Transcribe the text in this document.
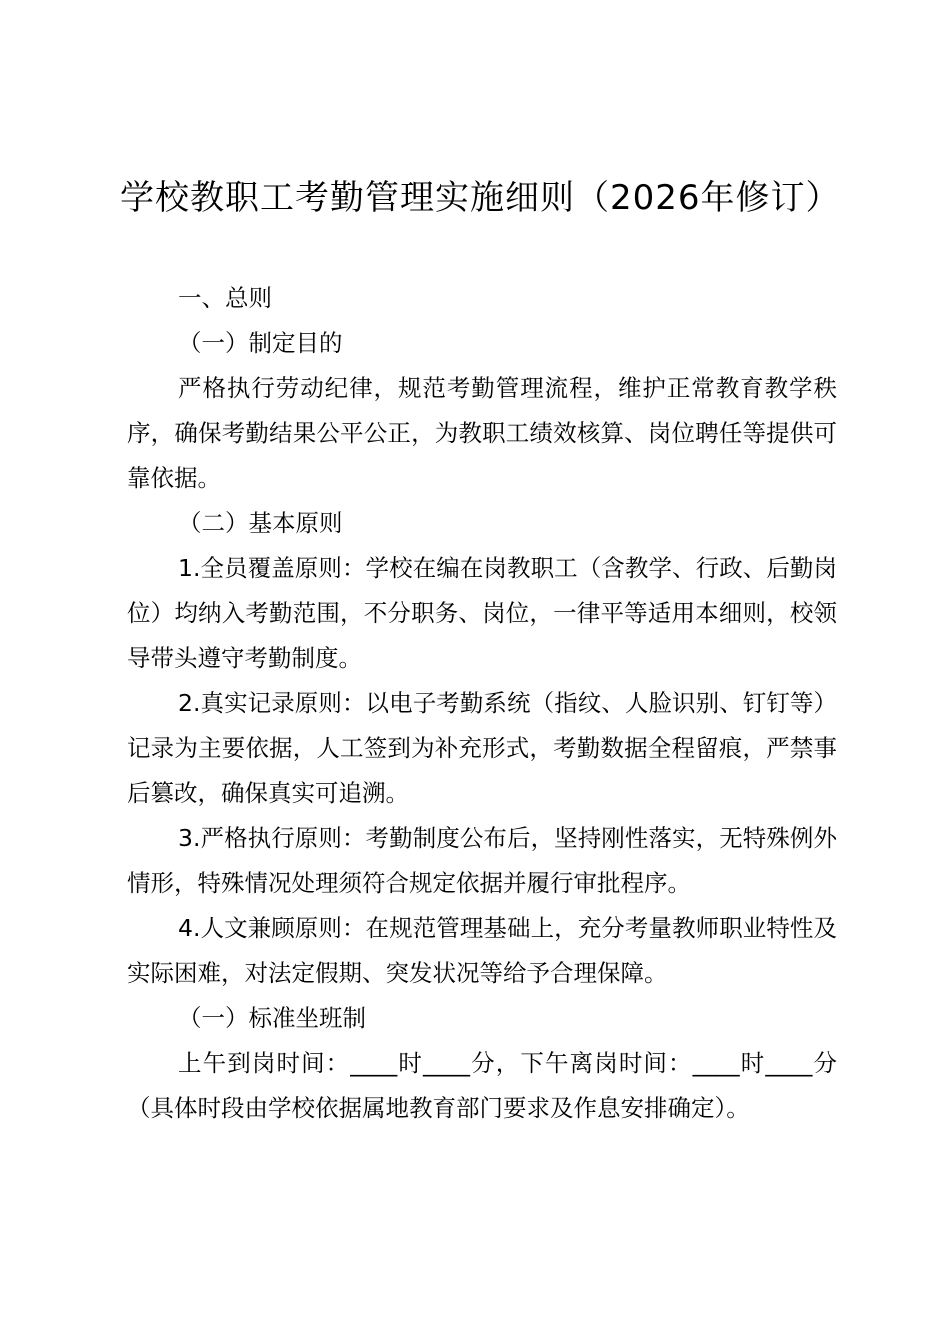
学校教职工考勤管理实施细则（2026年修订）

一、总则

（一）制定目的

严格执行劳动纪律，规范考勤管理流程，维护正常教育教学秩序，确保考勤结果公平公正，为教职工绩效核算、岗位聘任等提供可靠依据。

（二）基本原则

1.全员覆盖原则：学校在编在岗教职工（含教学、行政、后勤岗位）均纳入考勤范围，不分职务、岗位，一律平等适用本细则，校领导带头遵守考勤制度。

2.真实记录原则：以电子考勤系统（指纹、人脸识别、钉钉等）记录为主要依据，人工签到为补充形式，考勤数据全程留痕，严禁事后篡改，确保真实可追溯。

3.严格执行原则：考勤制度公布后，坚持刚性落实，无特殊例外情形，特殊情况处理须符合规定依据并履行审批程序。

4.人文兼顾原则：在规范管理基础上，充分考量教师职业特性及实际困难，对法定假期、突发状况等给予合理保障。

（一）标准坐班制

上午到岗时间：____时____分，下午离岗时间：____时____分（具体时段由学校依据属地教育部门要求及作息安排确定）。
